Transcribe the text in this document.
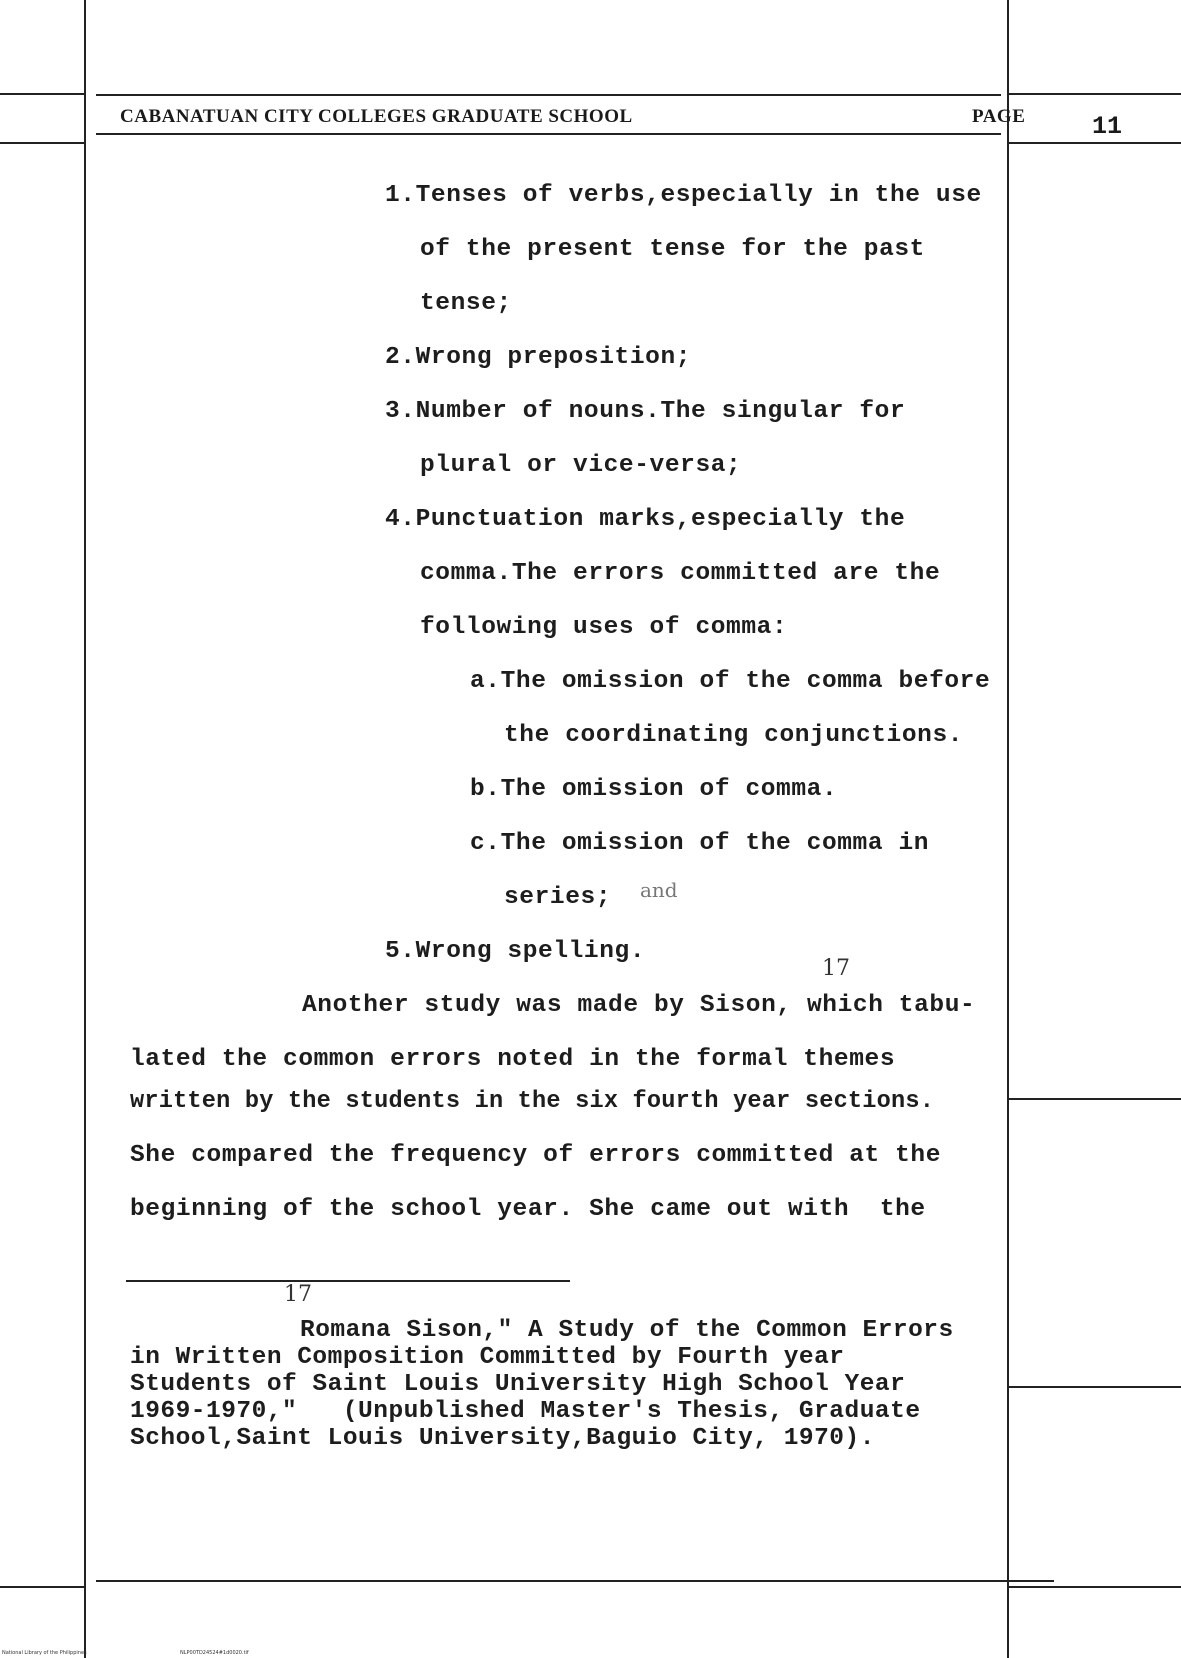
CABANATUAN CITY COLLEGES GRADUATE SCHOOL	PAGE	11
1.Tenses of verbs,especially in the use
of the present tense for the past
tense;
2.Wrong preposition;
3.Number of nouns.The singular for
plural or vice-versa;
4.Punctuation marks,especially the
comma.The errors committed are the
following uses of comma:
a.The omission of the comma before
the coordinating conjunctions.
b.The omission of comma.
c.The omission of the comma in
series; and
5.Wrong spelling.
17
Another study was made by Sison, which tabu-
lated the common errors noted in the formal themes
written by the students in the six fourth year sections.
She compared the frequency of errors committed at the
beginning of the school year. She came out with  the
17
Romana Sison," A Study of the Common Errors
in Written Composition Committed by Fourth year
Students of Saint Louis University High School Year
1969-1970,"   (Unpublished Master's Thesis, Graduate
School,Saint Louis University,Baguio City, 1970).
National Library of the Philippines	NLP00TD24524#1d0020.tif
